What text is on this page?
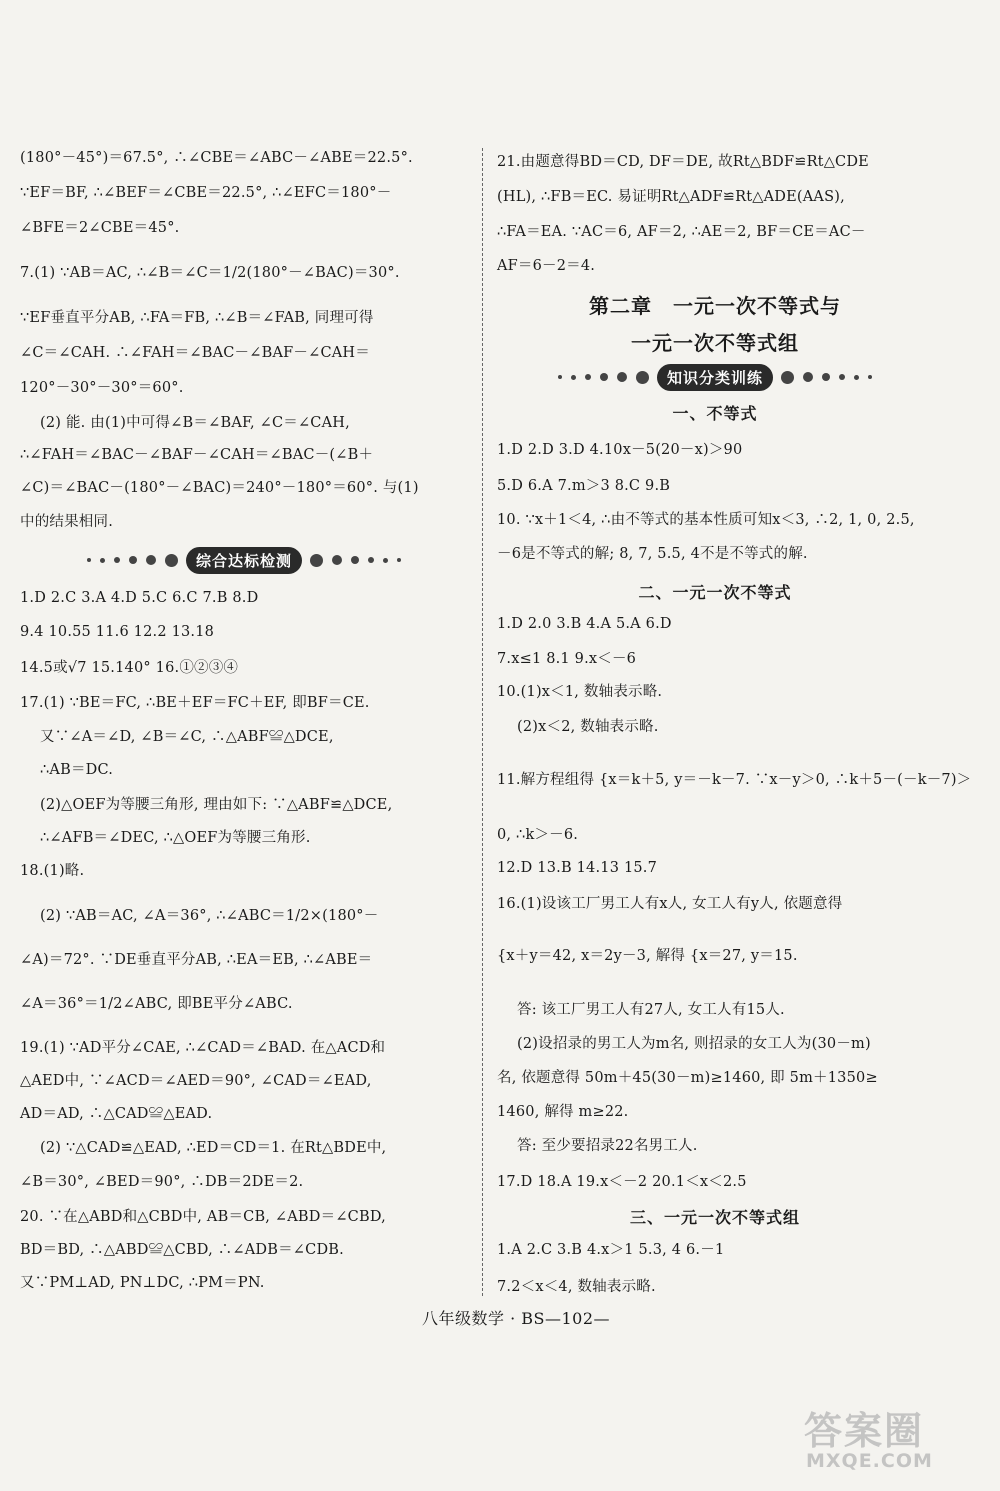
(180°－45°)＝67.5°, ∴∠CBE＝∠ABC－∠ABE＝22.5°.
∵EF＝BF, ∴∠BEF＝∠CBE＝22.5°, ∴∠EFC＝180°－
∠BFE＝2∠CBE＝45°.
7.(1) ∵AB＝AC, ∴∠B＝∠C＝1/2(180°－∠BAC)＝30°.
∵EF垂直平分AB, ∴FA＝FB, ∴∠B＝∠FAB, 同理可得
∠C＝∠CAH. ∴∠FAH＝∠BAC－∠BAF－∠CAH＝
120°－30°－30°＝60°.
(2) 能. 由(1)中可得∠B＝∠BAF, ∠C＝∠CAH,
∴∠FAH＝∠BAC－∠BAF－∠CAH＝∠BAC－(∠B＋
∠C)＝∠BAC－(180°－∠BAC)＝240°－180°＝60°. 与(1)
中的结果相同.
综合达标检测
1.D 2.C 3.A 4.D 5.C 6.C 7.B 8.D
9.4 10.55 11.6 12.2 13.18
14.5或√7 15.140° 16.①②③④
17.(1) ∵BE＝FC, ∴BE＋EF＝FC＋EF, 即BF＝CE.
又∵∠A＝∠D, ∠B＝∠C, ∴△ABF≌△DCE,
∴AB＝DC.
(2)△OEF为等腰三角形, 理由如下: ∵△ABF≌△DCE,
∴∠AFB＝∠DEC, ∴△OEF为等腰三角形.
18.(1)略.
(2) ∵AB＝AC, ∠A＝36°, ∴∠ABC＝1/2×(180°－
∠A)＝72°. ∵DE垂直平分AB, ∴EA＝EB, ∴∠ABE＝
∠A＝36°＝1/2∠ABC, 即BE平分∠ABC.
19.(1) ∵AD平分∠CAE, ∴∠CAD＝∠BAD. 在△ACD和
△AED中, ∵∠ACD＝∠AED＝90°, ∠CAD＝∠EAD,
AD＝AD, ∴△CAD≌△EAD.
(2) ∵△CAD≌△EAD, ∴ED＝CD＝1. 在Rt△BDE中,
∠B＝30°, ∠BED＝90°, ∴DB＝2DE＝2.
20. ∵在△ABD和△CBD中, AB＝CB, ∠ABD＝∠CBD,
BD＝BD, ∴△ABD≌△CBD, ∴∠ADB＝∠CDB.
又∵PM⊥AD, PN⊥DC, ∴PM＝PN.
21.由题意得BD＝CD, DF＝DE, 故Rt△BDF≌Rt△CDE
(HL), ∴FB＝EC. 易证明Rt△ADF≌Rt△ADE(AAS),
∴FA＝EA. ∵AC＝6, AF＝2, ∴AE＝2, BF＝CE＝AC－
AF＝6－2＝4.
第二章　一元一次不等式与
一元一次不等式组
知识分类训练
一、不等式
1.D 2.D 3.D 4.10x－5(20－x)＞90
5.D 6.A 7.m＞3 8.C 9.B
10. ∵x＋1＜4, ∴由不等式的基本性质可知x＜3, ∴2, 1, 0, 2.5,
－6是不等式的解; 8, 7, 5.5, 4不是不等式的解.
二、一元一次不等式
1.D 2.0 3.B 4.A 5.A 6.D
7.x≤1 8.1 9.x＜－6
10.(1)x＜1, 数轴表示略.
(2)x＜2, 数轴表示略.
11.解方程组得 {x＝k＋5, y＝－k－7. ∵x－y＞0, ∴k＋5－(－k－7)＞
0, ∴k＞－6.
12.D 13.B 14.13 15.7
16.(1)设该工厂男工人有x人, 女工人有y人, 依题意得
{x＋y＝42, x＝2y－3, 解得 {x＝27, y＝15.
答: 该工厂男工人有27人, 女工人有15人.
(2)设招录的男工人为m名, 则招录的女工人为(30－m)
名, 依题意得 50m＋45(30－m)≥1460, 即 5m＋1350≥
1460, 解得 m≥22.
答: 至少要招录22名男工人.
17.D 18.A 19.x＜－2 20.1＜x＜2.5
三、一元一次不等式组
1.A 2.C 3.B 4.x＞1 5.3, 4 6.－1
7.2＜x＜4, 数轴表示略.
八年级数学 · BS—102—
答案圈
MXQE.COM
